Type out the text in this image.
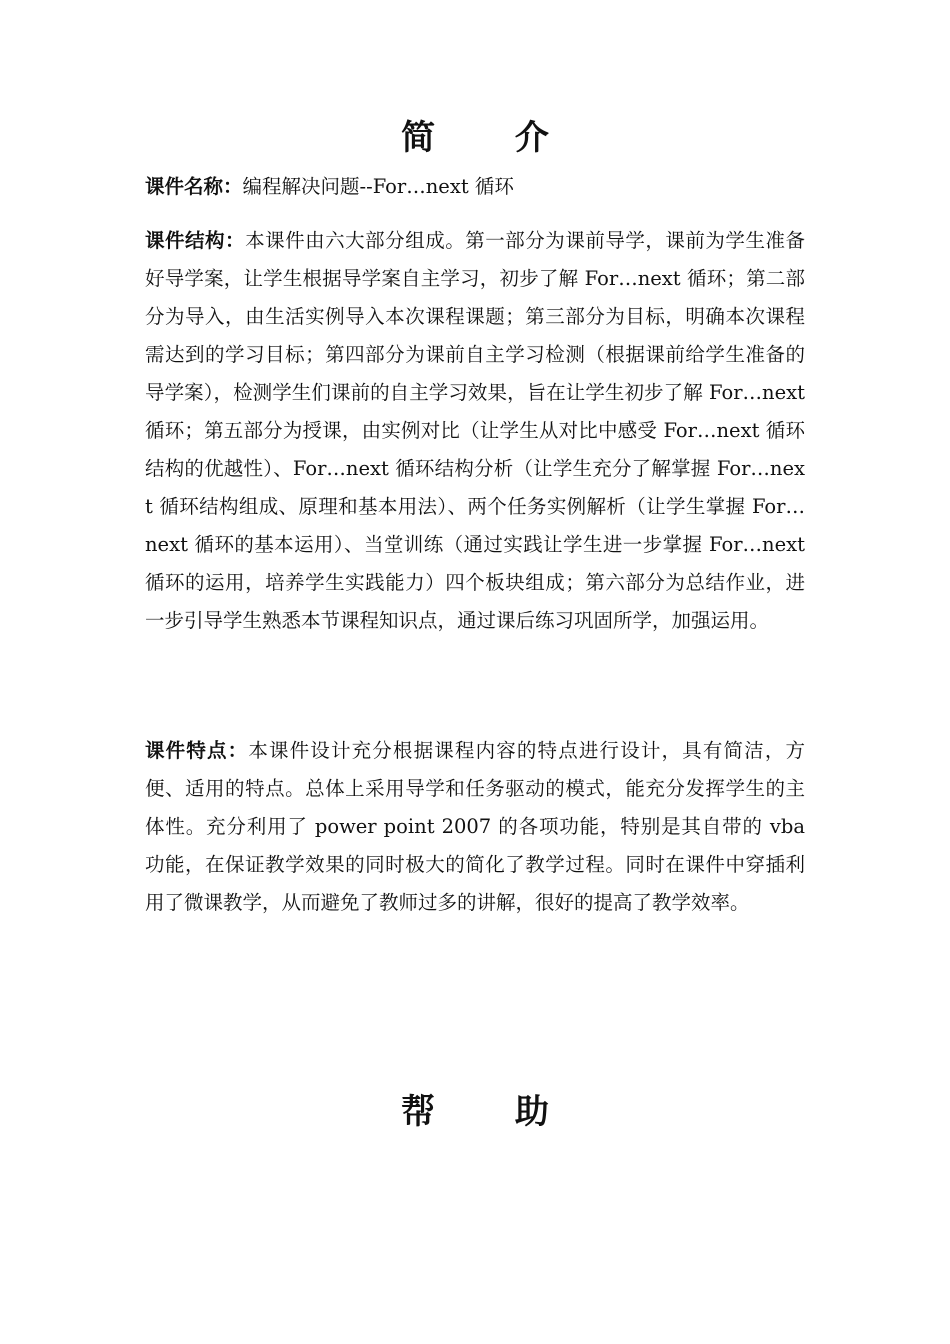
简 介
课件名称：编程解决问题--For…next 循环
课件结构：本课件由六大部分组成。第一部分为课前导学，课前为学生准备好导学案，让学生根据导学案自主学习，初步了解 For…next 循环；第二部分为导入，由生活实例导入本次课程课题；第三部分为目标，明确本次课程需达到的学习目标；第四部分为课前自主学习检测（根据课前给学生准备的导学案），检测学生们课前的自主学习效果，旨在让学生初步了解 For…next 循环；第五部分为授课，由实例对比（让学生从对比中感受 For…next 循环结构的优越性）、For…next 循环结构分析（让学生充分了解掌握 For…next 循环结构组成、原理和基本用法）、两个任务实例解析（让学生掌握 For…next 循环的基本运用）、当堂训练（通过实践让学生进一步掌握 For…next 循环的运用，培养学生实践能力）四个板块组成；第六部分为总结作业，进一步引导学生熟悉本节课程知识点，通过课后练习巩固所学，加强运用。
课件特点：本课件设计充分根据课程内容的特点进行设计，具有简洁，方便、适用的特点。总体上采用导学和任务驱动的模式，能充分发挥学生的主体性。充分利用了 power point 2007 的各项功能，特别是其自带的 vba 功能，在保证教学效果的同时极大的简化了教学过程。同时在课件中穿插利用了微课教学，从而避免了教师过多的讲解，很好的提高了教学效率。
帮 助
